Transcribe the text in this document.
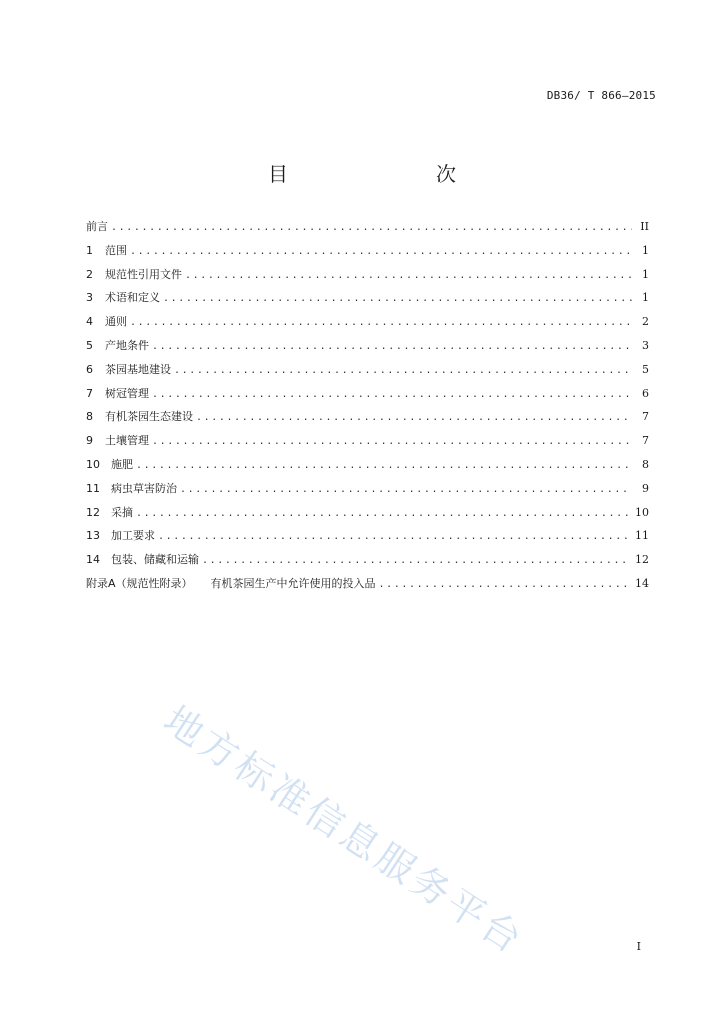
DB36/ T 866—2015
目　　次
前言 .....	II
1 范围 .....	1
2 规范性引用文件 .....	1
3 术语和定义 .....	1
4 通则 .....	2
5 产地条件 .....	3
6 茶园基地建设 .....	5
7 树冠管理 .....	6
8 有机茶园生态建设 .....	7
9 土壤管理 .....	7
10 施肥 .....	8
11 病虫草害防治 .....	9
12 采摘 .....	10
13 加工要求 .....	11
14 包装、储藏和运输 .....	12
附录A（规范性附录） 有机茶园生产中允许使用的投入品 .....	14
地方标准信息服务平台	I
